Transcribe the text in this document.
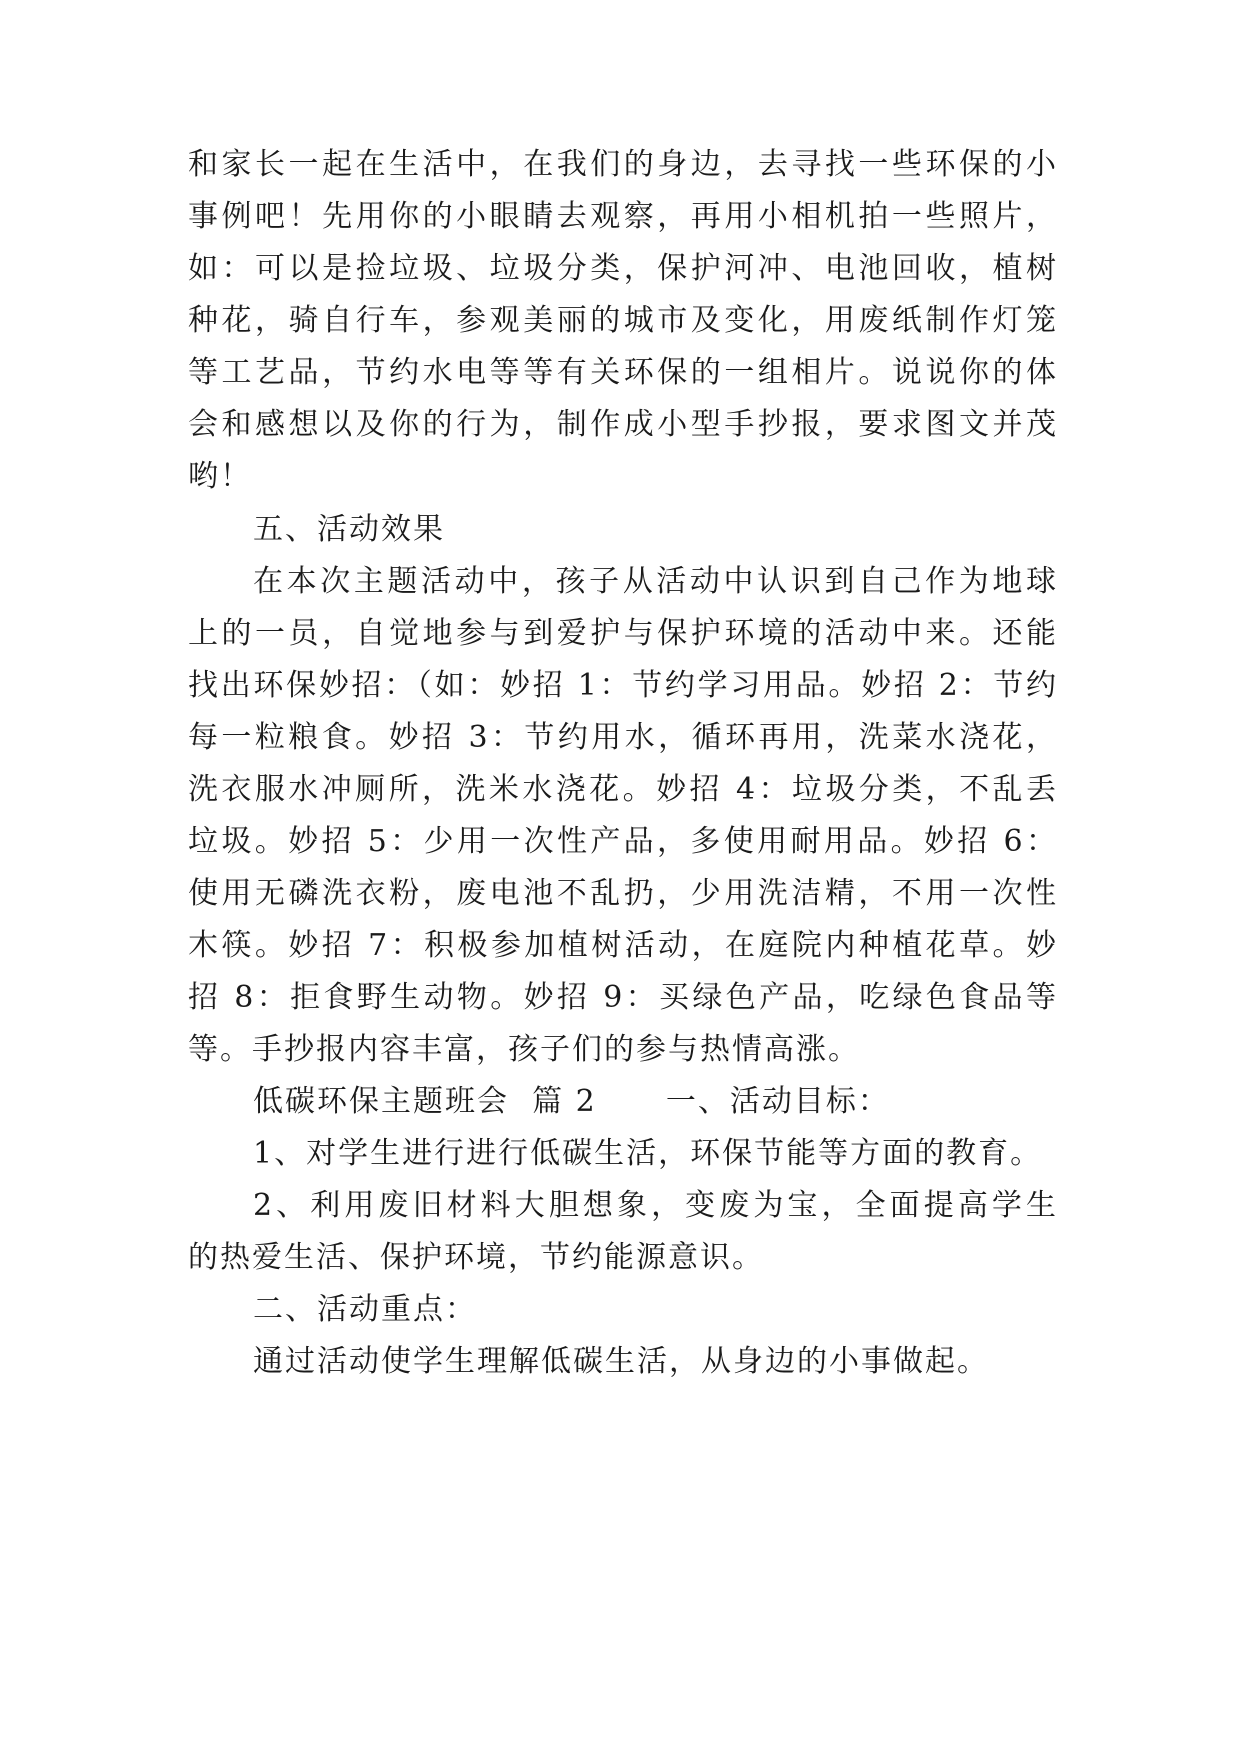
和家长一起在生活中，在我们的身边，去寻找一些环保的小
事例吧！先用你的小眼睛去观察，再用小相机拍一些照片，
如：可以是捡垃圾、垃圾分类，保护河冲、电池回收，植树
种花，骑自行车，参观美丽的城市及变化，用废纸制作灯笼
等工艺品，节约水电等等有关环保的一组相片。说说你的体
会和感想以及你的行为，制作成小型手抄报，要求图文并茂
哟！
五、活动效果
在本次主题活动中，孩子从活动中认识到自己作为地球
上的一员，自觉地参与到爱护与保护环境的活动中来。还能
找出环保妙招：（如：妙招 1：节约学习用品。妙招 2：节约
每一粒粮食。妙招 3：节约用水，循环再用，洗菜水浇花，
洗衣服水冲厕所，洗米水浇花。妙招 4：垃圾分类，不乱丢
垃圾。妙招 5：少用一次性产品，多使用耐用品。妙招 6：
使用无磷洗衣粉，废电池不乱扔，少用洗洁精，不用一次性
木筷。妙招 7：积极参加植树活动，在庭院内种植花草。妙
招 8：拒食野生动物。妙招 9：买绿色产品，吃绿色食品等
等。手抄报内容丰富，孩子们的参与热情高涨。
低碳环保主题班会  篇 2      一、活动目标：
1、对学生进行进行低碳生活，环保节能等方面的教育。
2、利用废旧材料大胆想象，变废为宝，全面提高学生
的热爱生活、保护环境，节约能源意识。
二、活动重点：
通过活动使学生理解低碳生活，从身边的小事做起。
